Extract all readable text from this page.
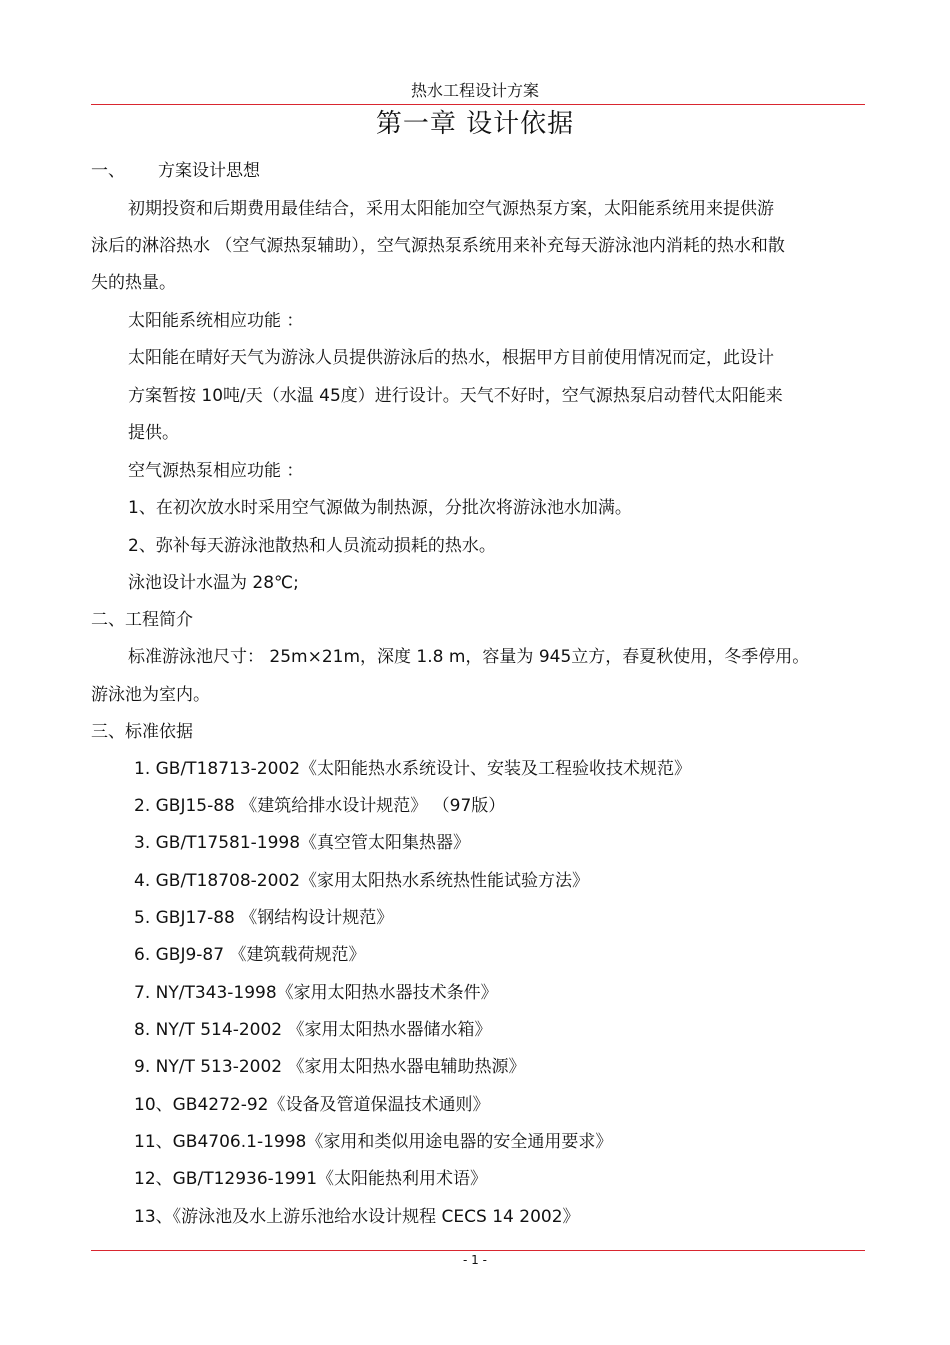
热水工程设计方案
第一章 设计依据
一、 方案设计思想
初期投资和后期费用最佳结合，采用太阳能加空气源热泵方案，太阳能系统用来提供游
泳后的淋浴热水 （空气源热泵辅助），空气源热泵系统用来补充每天游泳池内消耗的热水和散
失的热量。
太阳能系统相应功能 ：
太阳能在晴好天气为游泳人员提供游泳后的热水，根据甲方目前使用情况而定，此设计
方案暂按 10吨/天（水温 45度）进行设计。天气不好时，空气源热泵启动替代太阳能来
提供。
空气源热泵相应功能 ：
1、在初次放水时采用空气源做为制热源，分批次将游泳池水加满。
2、弥补每天游泳池散热和人员流动损耗的热水。
泳池设计水温为 28℃;
二、工程简介
标准游泳池尺寸： 25m×21m，深度 1.8 m，容量为 945立方，春夏秋使用，冬季停用。
游泳池为室内。
三、标准依据
1. GB/T18713-2002《太阳能热水系统设计、安装及工程验收技术规范》
2. GBJ15-88 《建筑给排水设计规范》 （97版）
3. GB/T17581-1998《真空管太阳集热器》
4. GB/T18708-2002《家用太阳热水系统热性能试验方法》
5. GBJ17-88 《钢结构设计规范》
6. GBJ9-87 《建筑载荷规范》
7. NY/T343-1998《家用太阳热水器技术条件》
8. NY/T 514-2002 《家用太阳热水器储水箱》
9. NY/T 513-2002 《家用太阳热水器电辅助热源》
10、GB4272-92《设备及管道保温技术通则》
11、GB4706.1-1998《家用和类似用途电器的安全通用要求》
12、GB/T12936-1991《太阳能热利用术语》
13、《游泳池及水上游乐池给水设计规程 CECS 14 2002》
- 1 -
